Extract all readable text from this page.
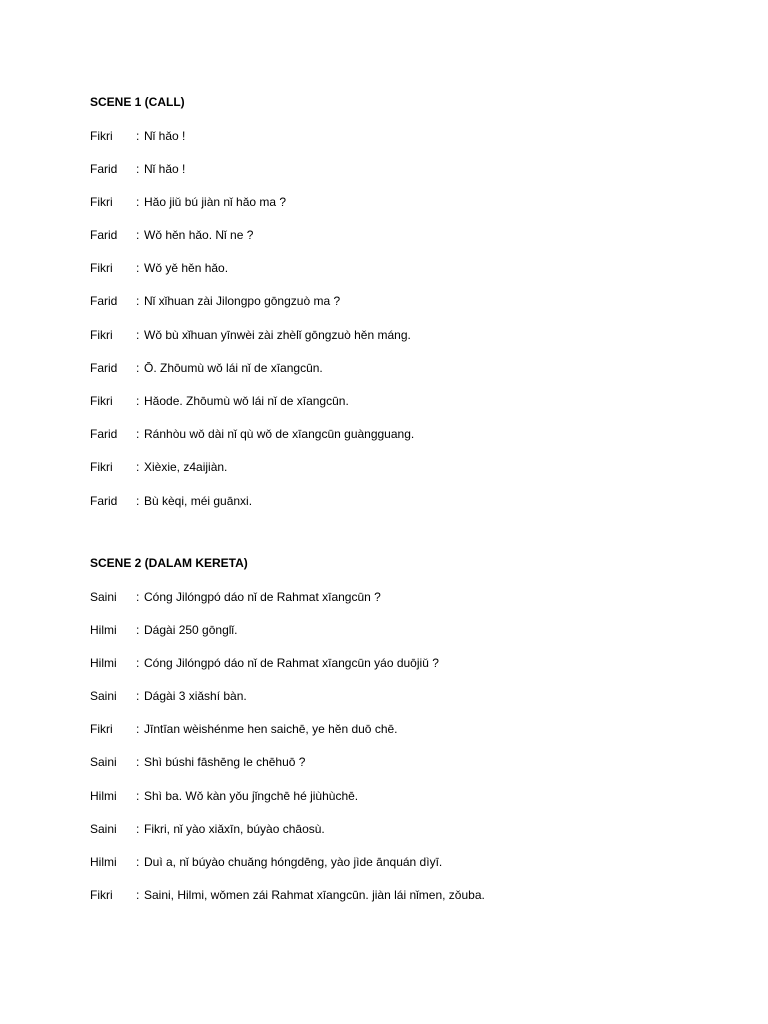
SCENE 1 (CALL)
Fikri	: Nǐ hǎo !
Farid	: Nǐ hǎo !
Fikri	: Hǎo jiǔ bú jiàn nǐ hǎo ma ?
Farid	: Wǒ hěn hǎo. Nǐ ne ?
Fikri	: Wǒ yě hěn hǎo.
Farid	: Nǐ xǐhuan zài Jilongpo gōngzuò ma ?
Fikri	: Wǒ bù xǐhuan yīnwèi zài zhèlǐ gōngzuò hěn máng.
Farid	: Ō. Zhōumù wǒ lái nǐ de xīangcūn.
Fikri	: Hǎode. Zhōumù wǒ lái nǐ de xīangcūn.
Farid	: Ránhòu wǒ dài nǐ qù wǒ de xīangcūn guàngguang.
Fikri	: Xièxie, z4aijiàn.
Farid	: Bù kèqi, méi guānxi.
SCENE 2 (DALAM KERETA)
Saini	: Cóng Jilóngpó dáo nǐ de Rahmat xīangcūn ?
Hilmi	: Dágài 250 gōnglǐ.
Hilmi	: Cóng Jilóngpó dáo nǐ de Rahmat xīangcūn yáo duōjiǔ ?
Saini	: Dágài 3 xiǎshí bàn.
Fikri	: Jīntīan wèishénme hen saichē, ye hěn duō chē.
Saini	: Shì búshi fāshēng le chēhuō ?
Hilmi	: Shì ba. Wǒ kàn yǒu jǐngchē hé jiùhùchē.
Saini	: Fikri, nǐ yào xiǎxīn, búyào chāosù.
Hilmi	: Duì a, nǐ búyào chuǎng hóngdēng, yào jìde ānquán dìyī.
Fikri	: Saini, Hilmi, wǒmen zái Rahmat xīangcūn. jiàn lái nǐmen, zǒuba.
